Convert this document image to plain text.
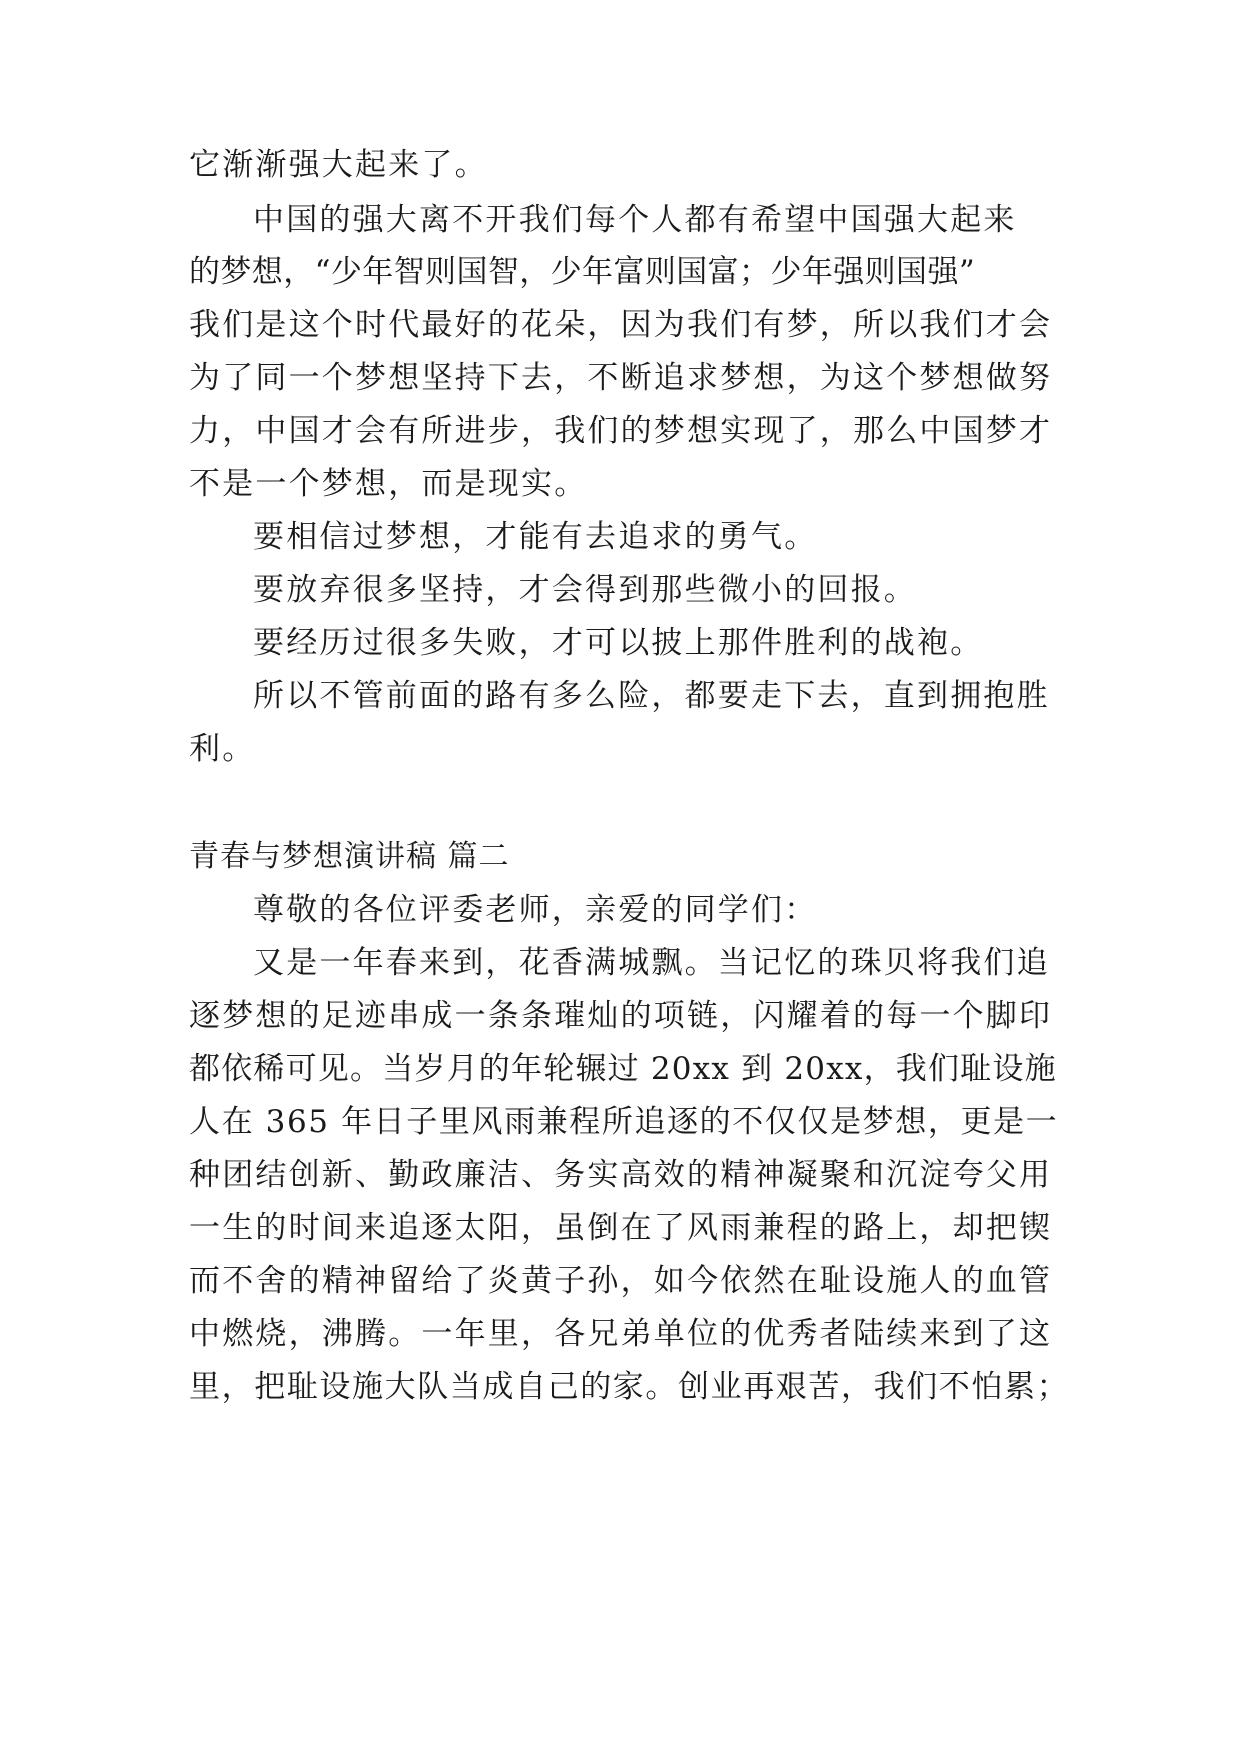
它渐渐强大起来了。
中国的强大离不开我们每个人都有希望中国强大起来
的梦想，“少年智则国智，少年富则国富；少年强则国强”
我们是这个时代最好的花朵，因为我们有梦，所以我们才会
为了同一个梦想坚持下去，不断追求梦想，为这个梦想做努
力，中国才会有所进步，我们的梦想实现了，那么中国梦才
不是一个梦想，而是现实。
要相信过梦想，才能有去追求的勇气。
要放弃很多坚持，才会得到那些微小的回报。
要经历过很多失败，才可以披上那件胜利的战袍。
所以不管前面的路有多么险，都要走下去，直到拥抱胜
利。
青春与梦想演讲稿 篇二
尊敬的各位评委老师，亲爱的同学们：
又是一年春来到，花香满城飘。当记忆的珠贝将我们追
逐梦想的足迹串成一条条璀灿的项链，闪耀着的每一个脚印
都依稀可见。当岁月的年轮辗过 20xx 到 20xx，我们耻设施
人在 365 年日子里风雨兼程所追逐的不仅仅是梦想，更是一
种团结创新、勤政廉洁、务实高效的精神凝聚和沉淀夸父用
一生的时间来追逐太阳，虽倒在了风雨兼程的路上，却把锲
而不舍的精神留给了炎黄子孙，如今依然在耻设施人的血管
中燃烧，沸腾。一年里，各兄弟单位的优秀者陆续来到了这
里，把耻设施大队当成自己的家。创业再艰苦，我们不怕累；
